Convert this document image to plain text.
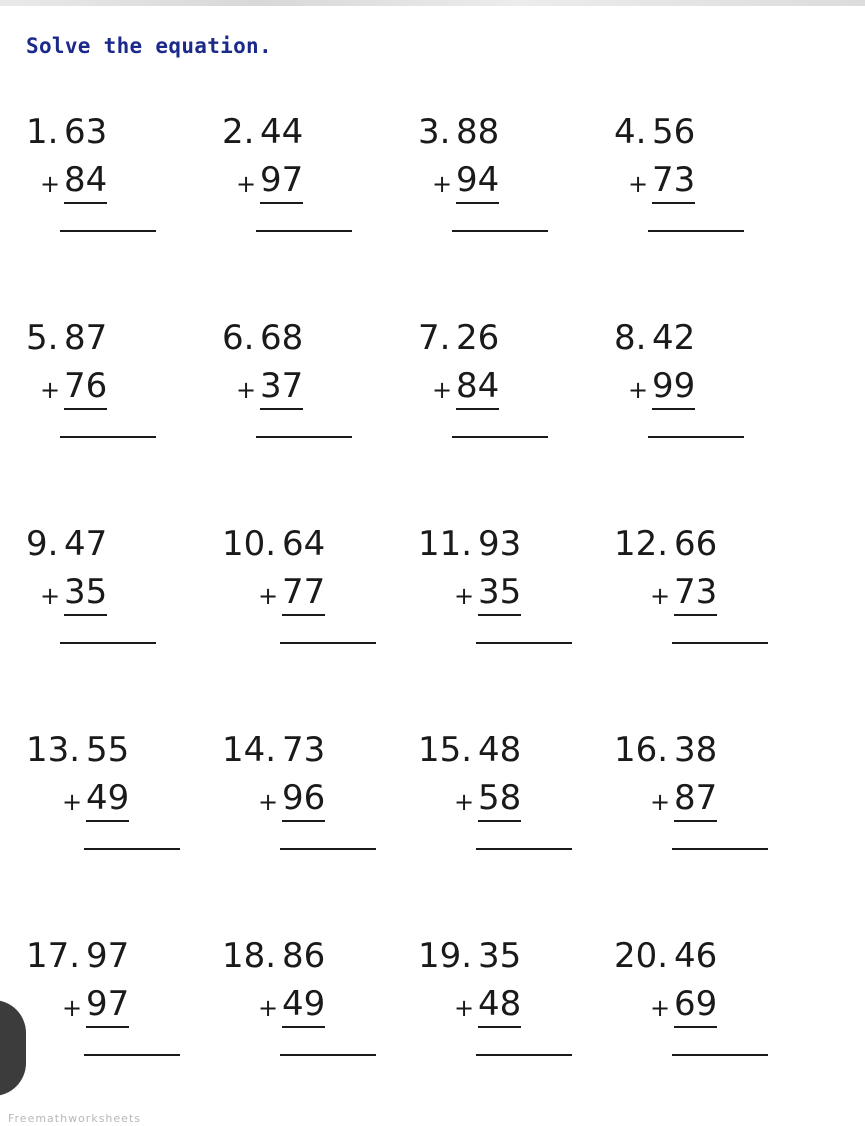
Solve the equation.
1. 63
+ 84
2. 44
+ 97
3. 88
+ 94
4. 56
+ 73
5. 87
+ 76
6. 68
+ 37
7. 26
+ 84
8. 42
+ 99
9. 47
+ 35
10. 64
+ 77
11. 93
+ 35
12. 66
+ 73
13. 55
+ 49
14. 73
+ 96
15. 48
+ 58
16. 38
+ 87
17. 97
+ 97
18. 86
+ 49
19. 35
+ 48
20. 46
+ 69
Freemathworksheets
